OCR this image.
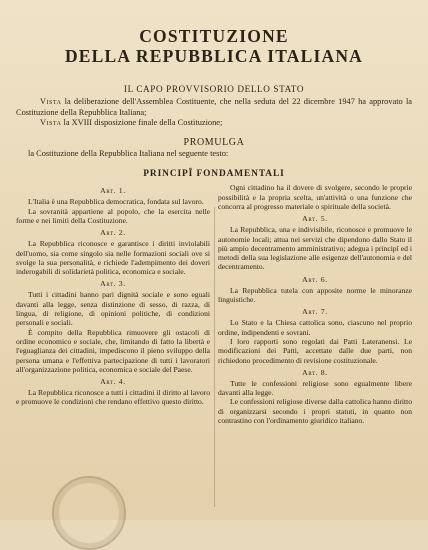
COSTITUZIONE
DELLA REPUBBLICA ITALIANA

IL CAPO PROVVISORIO DELLO STATO

Vista la deliberazione dell'Assemblea Costituente, che nella seduta del 22 dicembre 1947 ha approvato la Costituzione della Repubblica Italiana;

Vista la XVIII disposizione finale della Costituzione;

PROMULGA

la Costituzione della Repubblica Italiana nel seguente testo:

PRINCIPÎ FONDAMENTALI

Art. 1.

L'Italia è una Repubblica democratica, fondata sul lavoro.

La sovranità appartiene al popolo, che la esercita nelle forme e nei limiti della Costituzione.

Art. 2.

La Repubblica riconosce e garantisce i diritti inviolabili dell'uomo, sia come singolo sia nelle formazioni sociali ove si svolge la sua personalità, e richiede l'adempimento dei doveri inderogabili di solidarietà politica, economica e sociale.

Art. 3.

Tutti i cittadini hanno pari dignità sociale e sono eguali davanti alla legge, senza distinzione di sesso, di razza, di lingua, di religione, di opinioni politiche, di condizioni personali e sociali.

È compito della Repubblica rimuovere gli ostacoli di ordine economico e sociale, che, limitando di fatto la libertà e l'eguaglianza dei cittadini, impediscono il pieno sviluppo della persona umana e l'effettiva partecipazione di tutti i lavoratori all'organizzazione politica, economica e sociale del Paese.

Art. 4.

La Repubblica riconosce a tutti i cittadini il diritto al lavoro e promuove le condizioni che rendano effettivo questo diritto.

Ogni cittadino ha il dovere di svolgere, secondo le proprie possibilità e la propria scelta, un'attività o una funzione che concorra al progresso materiale o spirituale della società.

Art. 5.

La Repubblica, una e indivisibile, riconosce e promuove le autonomie locali; attua nei servizi che dipendono dallo Stato il più ampio decentramento amministrativo; adegua i principî ed i metodi della sua legislazione alle esigenze dell'autonomia e del decentramento.

Art. 6.

La Repubblica tutela con apposite norme le minoranze linguistiche.

Art. 7.

Lo Stato e la Chiesa cattolica sono, ciascuno nel proprio ordine, indipendenti e sovrani.

I loro rapporti sono regolati dai Patti Lateranensi. Le modificazioni dei Patti, accettate dalle due parti, non richiedono procedimento di revisione costituzionale.

Art. 8.

Tutte le confessioni religiose sono egualmente libere davanti alla legge.

Le confessioni religiose diverse dalla cattolica hanno diritto di organizzarsi secondo i propri statuti, in quanto non contrastino con l'ordinamento giuridico italiano.
